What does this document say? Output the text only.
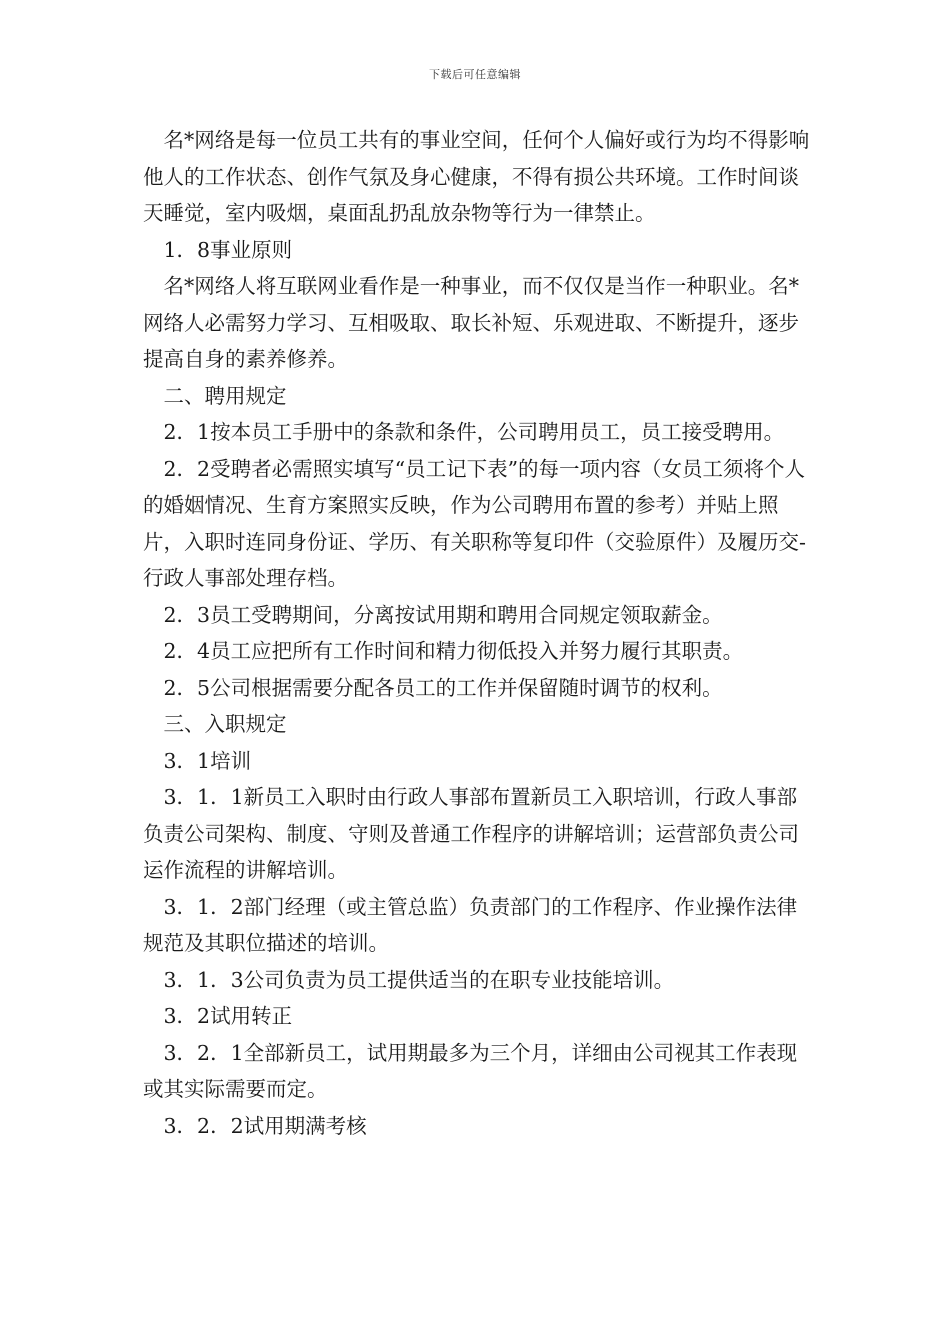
下载后可任意编辑

　名*网络是每一位员工共有的事业空间，任何个人偏好或行为均不得影响他人的工作状态、创作气氛及身心健康，不得有损公共环境。工作时间谈天睡觉，室内吸烟，桌面乱扔乱放杂物等行为一律禁止。

　1．8事业原则

　名*网络人将互联网业看作是一种事业，而不仅仅是当作一种职业。名*网络人必需努力学习、互相吸取、取长补短、乐观进取、不断提升，逐步提高自身的素养修养。

　二、聘用规定

　2．1按本员工手册中的条款和条件，公司聘用员工，员工接受聘用。

　2．2受聘者必需照实填写“员工记下表”的每一项内容（女员工须将个人的婚姻情况、生育方案照实反映，作为公司聘用布置的参考）并贴上照片，入职时连同身份证、学历、有关职称等复印件（交验原件）及履历交-行政人事部处理存档。

　2．3员工受聘期间，分离按试用期和聘用合同规定领取薪金。

　2．4员工应把所有工作时间和精力彻低投入并努力履行其职责。

　2．5公司根据需要分配各员工的工作并保留随时调节的权利。

　三、入职规定

　3．1培训

　3．1．1新员工入职时由行政人事部布置新员工入职培训，行政人事部负责公司架构、制度、守则及普通工作程序的讲解培训；运营部负责公司运作流程的讲解培训。

　3．1．2部门经理（或主管总监）负责部门的工作程序、作业操作法律规范及其职位描述的培训。

　3．1．3公司负责为员工提供适当的在职专业技能培训。

　3．2试用转正

　3．2．1全部新员工，试用期最多为三个月，详细由公司视其工作表现或其实际需要而定。

　3．2．2试用期满考核
